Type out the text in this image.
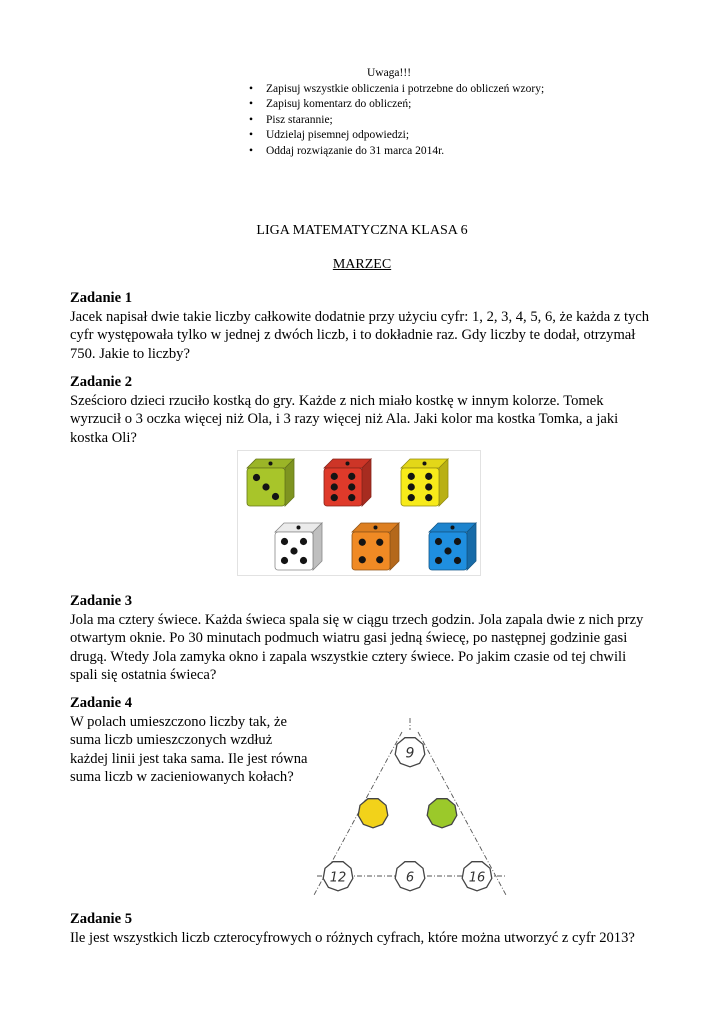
Uwaga!!!
• Zapisuj wszystkie obliczenia i potrzebne do obliczeń wzory;
• Zapisuj komentarz do obliczeń;
• Pisz starannie;
• Udzielaj pisemnej odpowiedzi;
• Oddaj rozwiązanie do 31 marca 2014r.
LIGA MATEMATYCZNA KLASA 6
MARZEC

Zadanie 1

Jacek napisał dwie takie liczby całkowite dodatnie przy użyciu cyfr: 1, 2, 3, 4, 5, 6, że każda z tych

cyfr występowała tylko w jednej z dwóch liczb, i to dokładnie raz. Gdy liczby te dodał, otrzymał

750. Jakie to liczby?

Zadanie 2

Sześcioro dzieci rzuciło kostką do gry. Każde z nich miało kostkę w innym kolorze. Tomek

wyrzucił o 3 oczka więcej niż Ola, i 3 razy więcej niż Ala. Jaki kolor ma kostka Tomka, a jaki

kostka Oli?

Zadanie 3

Jola ma cztery świece. Każda świeca spala się w ciągu trzech godzin. Jola zapala dwie z nich przy

otwartym oknie. Po 30 minutach podmuch wiatru gasi jedną świecę, po następnej godzinie gasi

drugą. Wtedy Jola zamyka okno i zapala wszystkie cztery świece. Po jakim czasie od tej chwili

spali się ostatnia świeca?

Zadanie 4

W polach umieszczono liczby tak, że

suma liczb umieszczonych wzdłuż

każdej linii jest taka sama. Ile jest równa

suma liczb w zacieniowanych kołach?

9
12	6	16

Zadanie 5

Ile jest wszystkich liczb czterocyfrowych o różnych cyfrach, które można utworzyć z cyfr 2013?
